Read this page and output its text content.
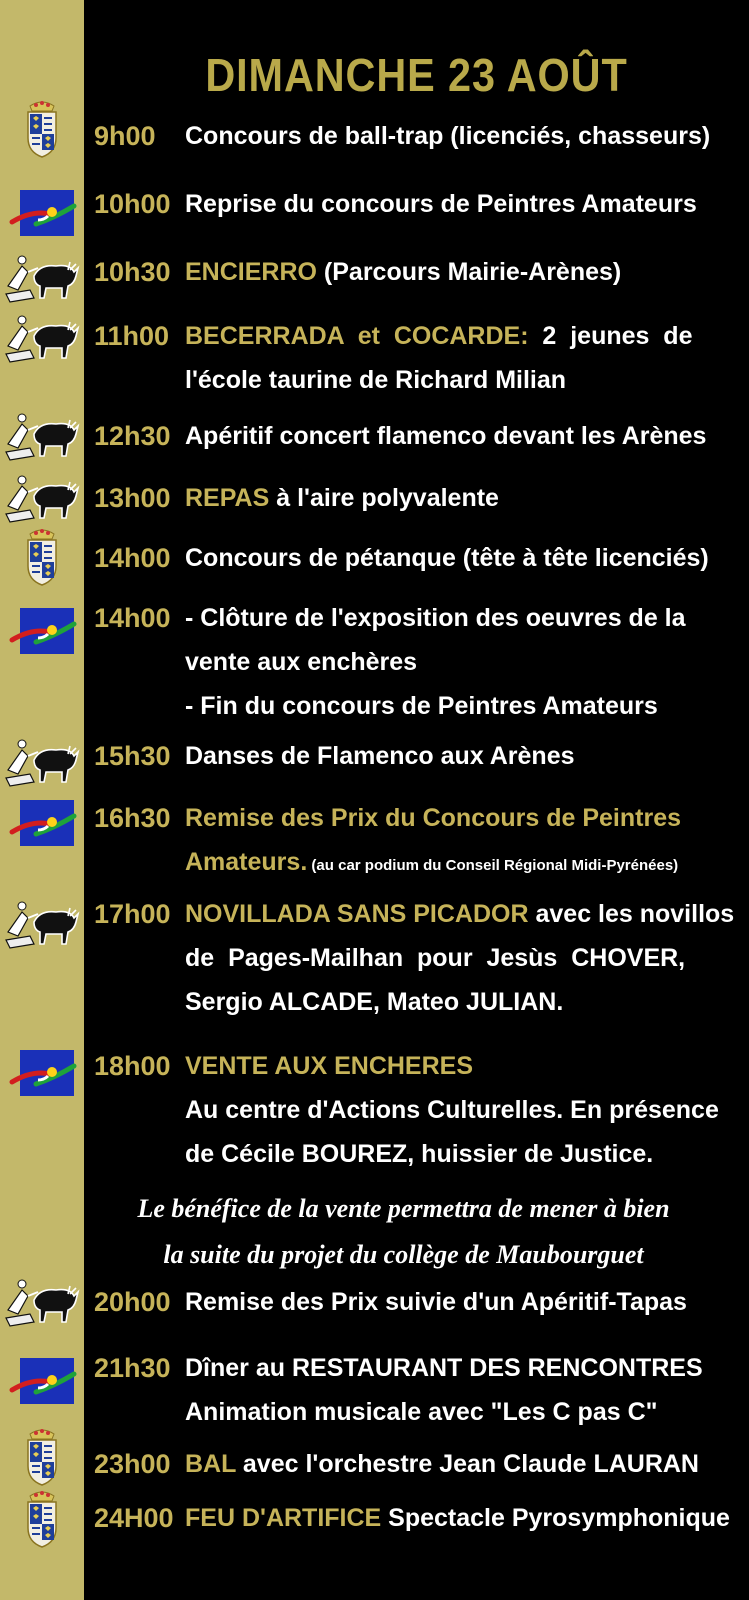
DIMANCHE 23 AOÛT
9h00 Concours de ball-trap (licenciés, chasseurs)
10h00 Reprise du concours de Peintres Amateurs
10h30 ENCIERRO (Parcours Mairie-Arènes)
11h00 BECERRADA  et  COCARDE:  2  jeunes  de
l'école taurine de Richard Milian
12h30 Apéritif concert flamenco devant les Arènes
13h00 REPAS à l'aire polyvalente
14h00 Concours de pétanque (tête à tête licenciés)
14h00 - Clôture de l'exposition des oeuvres de la
vente aux enchères
- Fin du concours de Peintres Amateurs
15h30 Danses de Flamenco aux Arènes
16h30 Remise des Prix du Concours de Peintres
Amateurs. (au car podium du Conseil Régional Midi-Pyrénées)
17h00 NOVILLADA SANS PICADOR avec les novillos
de  Pages-Mailhan  pour  Jesùs  CHOVER,
Sergio ALCADE, Mateo JULIAN.
18h00 VENTE AUX ENCHERES
Au centre d'Actions Culturelles. En présence
de Cécile BOUREZ, huissier de Justice.
20h00 Remise des Prix suivie d'un Apéritif-Tapas
21h30 Dîner au RESTAURANT DES RENCONTRES
Animation musicale avec "Les C pas C"
23h00 BAL avec l'orchestre Jean Claude LAURAN
24H00 FEU D'ARTIFICE Spectacle Pyrosymphonique
Le bénéfice de la vente permettra de mener à bien
la suite du projet du collège de Maubourguet
